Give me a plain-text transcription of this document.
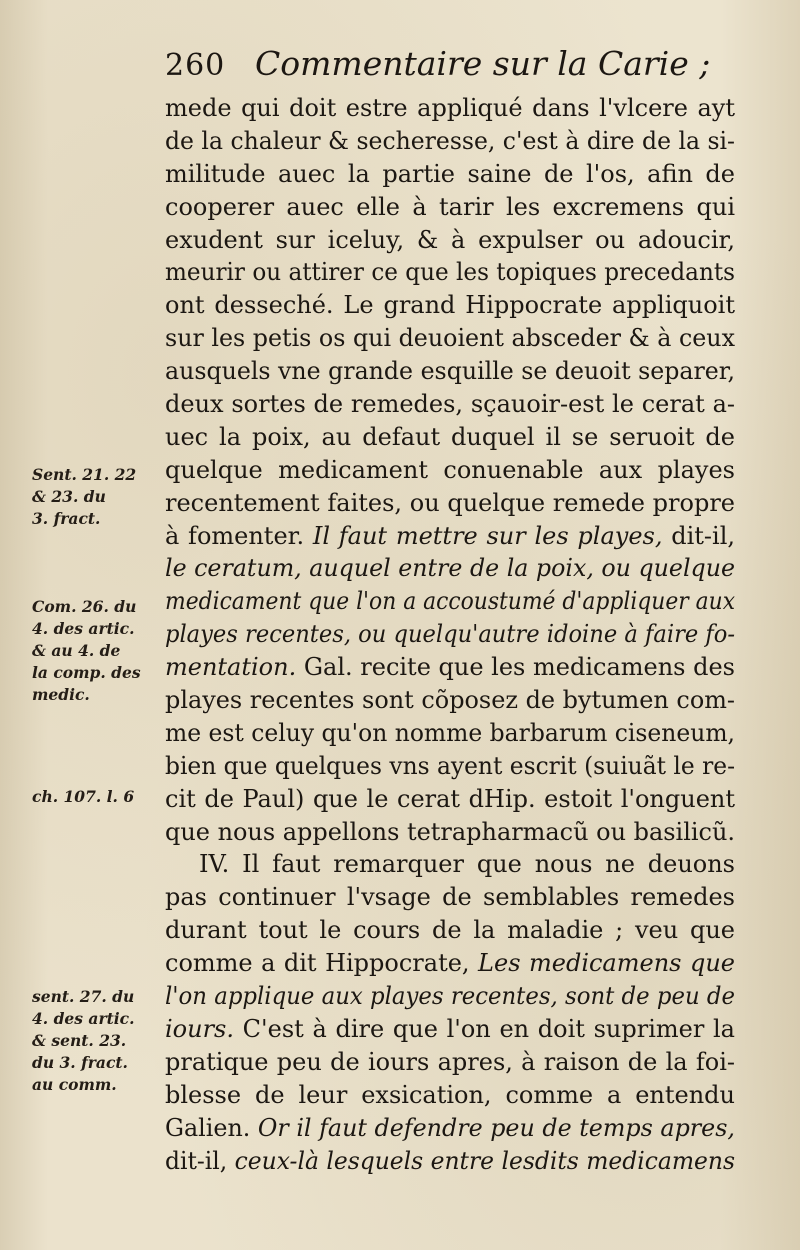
260 Commentaire sur la Carie ;
Sent. 21. 22
& 23. du
3. fract.
Com. 26. du
4. des artic.
& au 4. de
la comp. des
medic.
ch. 107. l. 6
sent. 27. du
4. des artic.
& sent. 23.
du 3. fract.
au comm.
mede qui doit estre appliqué dans l'vlcere ayt
de la chaleur & secheresse, c'est à dire de la si-
militude auec la partie saine de l'os, afin de
cooperer auec elle à tarir les excremens qui
exudent sur iceluy, & à expulser ou adoucir,
meurir ou attirer ce que les topiques precedants
ont desseché. Le grand Hippocrate appliquoit
sur les petis os qui deuoient absceder & à ceux
ausquels vne grande esquille se deuoit separer,
deux sortes de remedes, sçauoir-est le cerat a-
uec la poix, au defaut duquel il se seruoit de
quelque medicament conuenable aux playes
recentement faites, ou quelque remede propre
à fomenter. Il faut mettre sur les playes, dit-il,
le ceratum, auquel entre de la poix, ou quelque
medicament que l'on a accoustumé d'appliquer aux
playes recentes, ou quelqu'autre idoine à faire fo-
mentation. Gal. recite que les medicamens des
playes recentes sont cõposez de bytumen com-
me est celuy qu'on nomme barbarum ciseneum,
bien que quelques vns ayent escrit (suiuãt le re-
cit de Paul) que le cerat dHip. estoit l'onguent
que nous appellons tetrapharmacũ ou basilicũ.
IV. Il faut remarquer que nous ne deuons
pas continuer l'vsage de semblables remedes
durant tout le cours de la maladie ; veu que
comme a dit Hippocrate, Les medicamens que
l'on applique aux playes recentes, sont de peu de
iours. C'est à dire que l'on en doit suprimer la
pratique peu de iours apres, à raison de la foi-
blesse de leur exsication, comme a entendu
Galien. Or il faut defendre peu de temps apres,
dit-il, ceux-là lesquels entre lesdits medicamens
